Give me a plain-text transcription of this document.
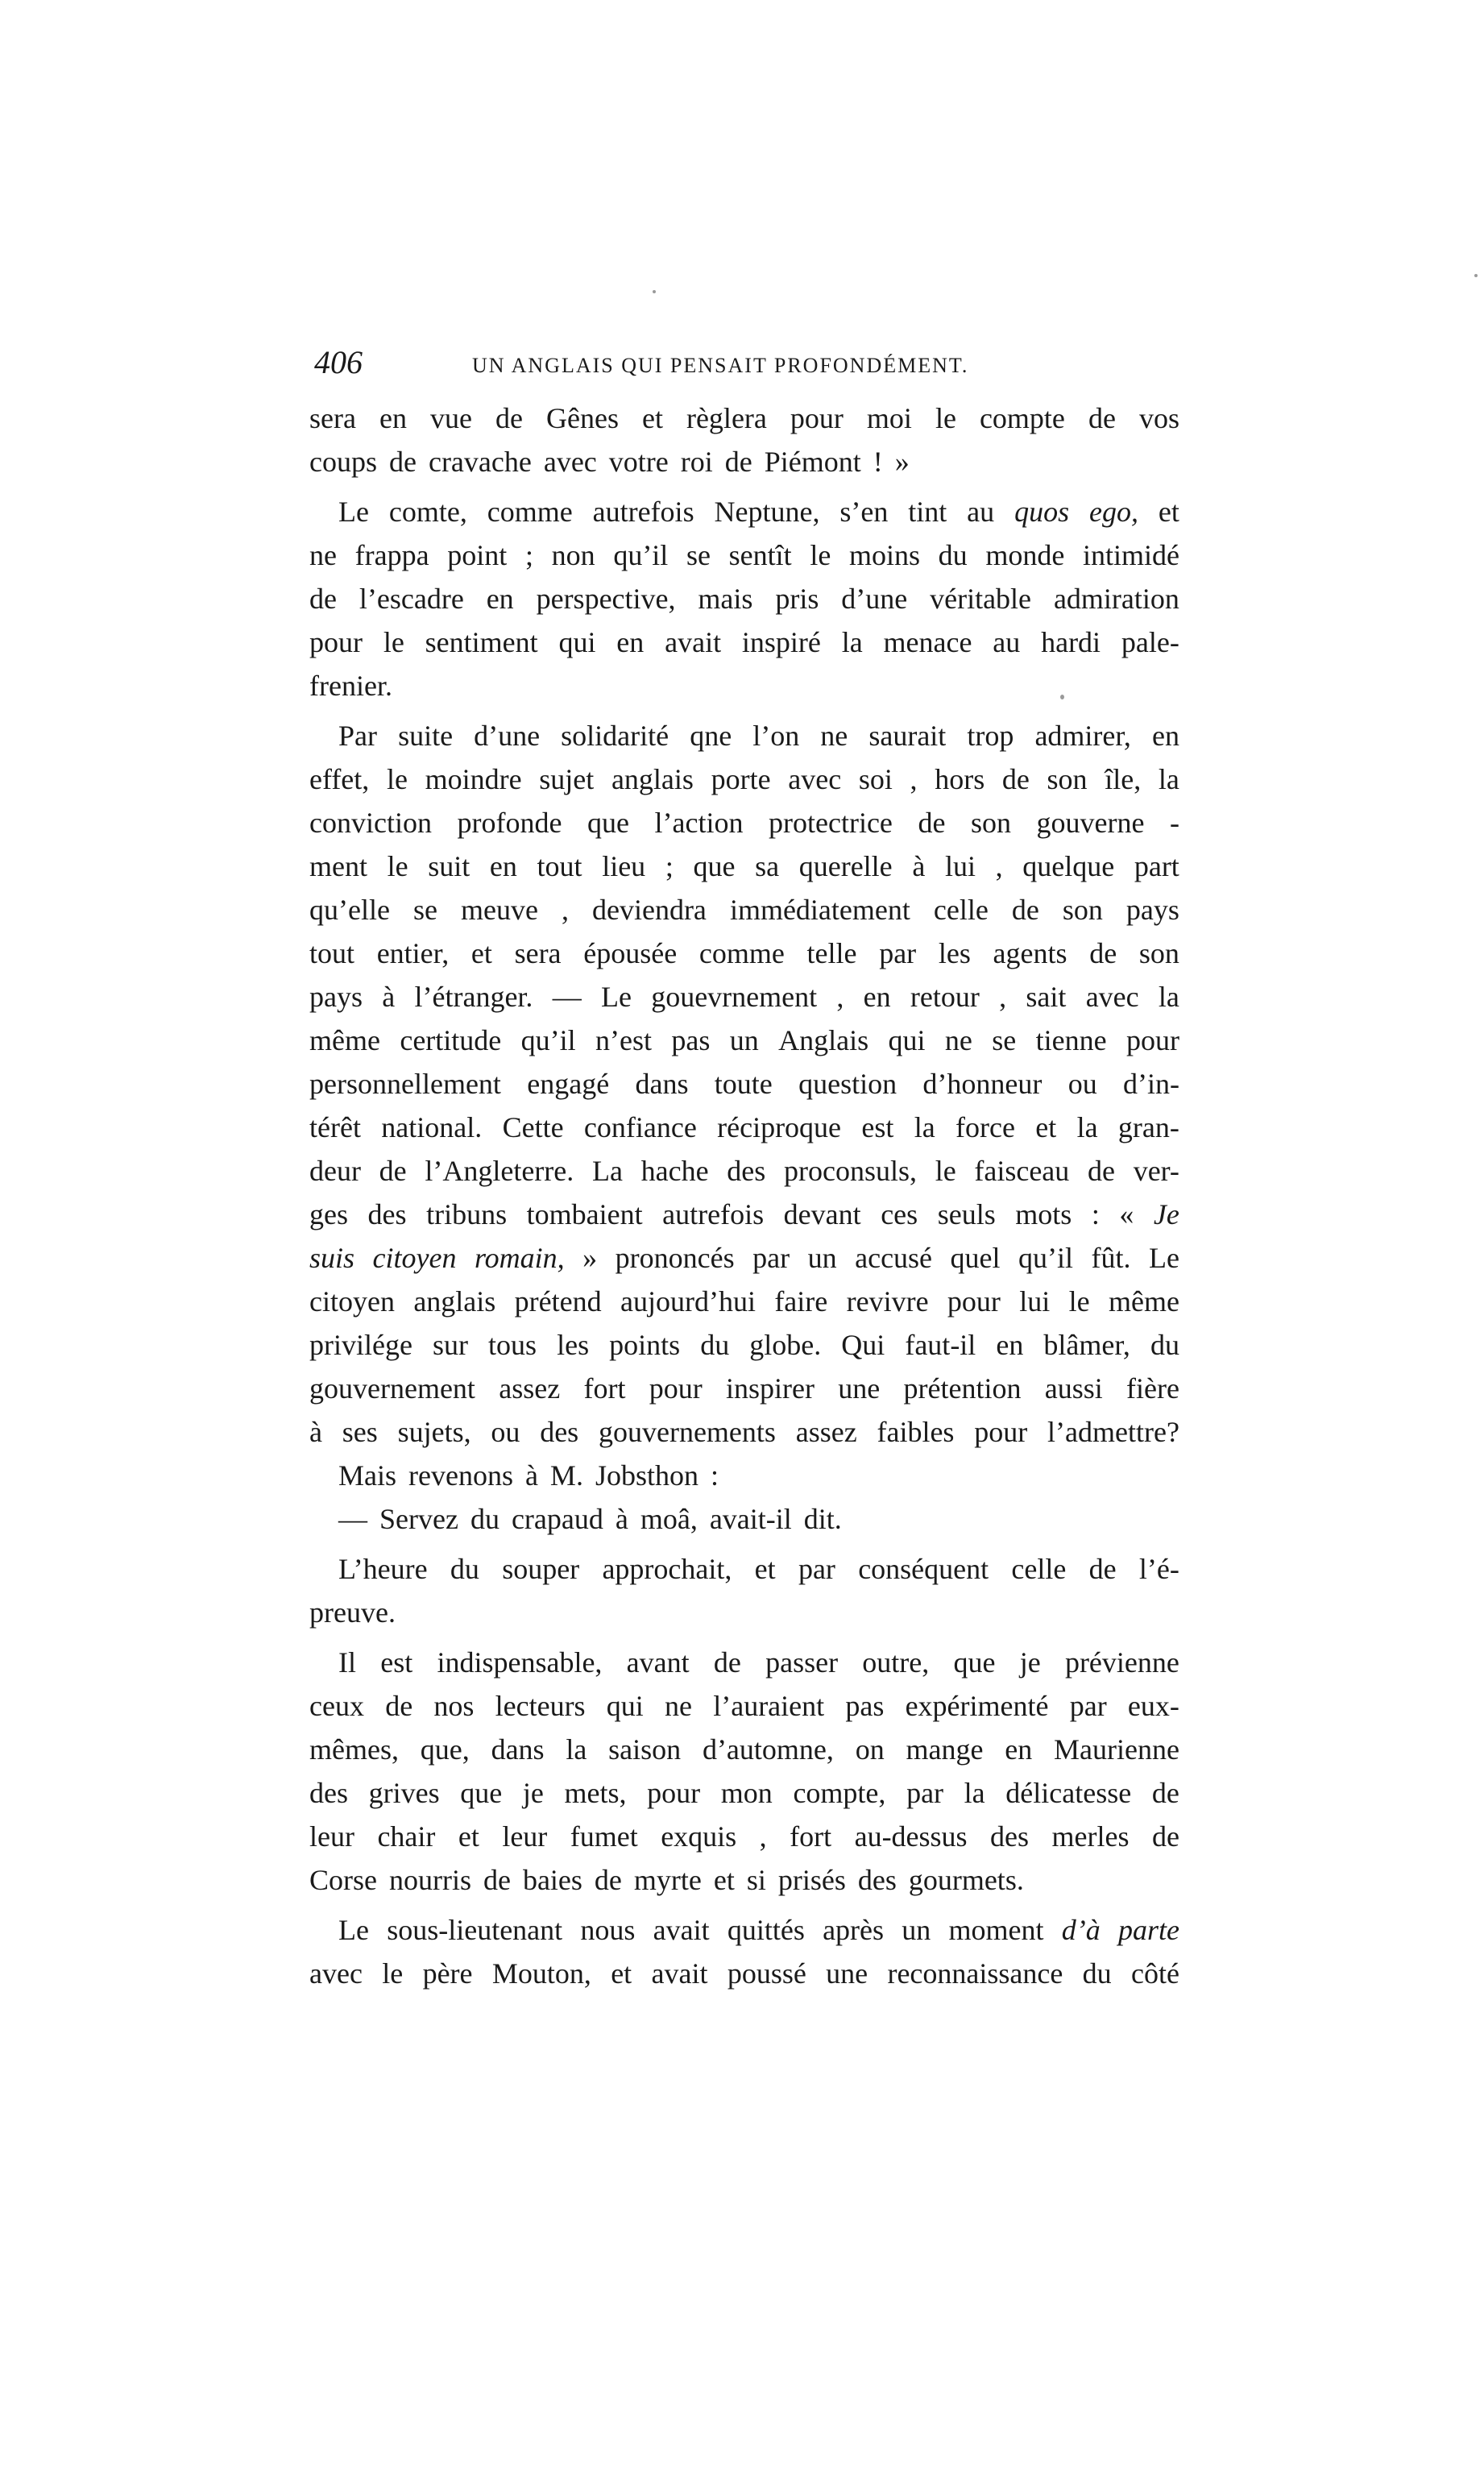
406	UN ANGLAIS QUI PENSAIT PROFONDÉMENT.
sera en vue de Gênes et règlera pour moi le compte de vos
coups de cravache avec votre roi de Piémont ! »
Le comte, comme autrefois Neptune, s’en tint au quos ego, et
ne frappa point ; non qu’il se sentît le moins du monde intimidé
de l’escadre en perspective, mais pris d’une véritable admiration
pour le sentiment qui en avait inspiré la menace au hardi pale-
frenier.
Par suite d’une solidarité qne l’on ne saurait trop admirer, en
effet, le moindre sujet anglais porte avec soi , hors de son île, la
conviction profonde que l’action protectrice de son gouverne -
ment le suit en tout lieu ; que sa querelle à lui , quelque part
qu’elle se meuve , deviendra immédiatement celle de son pays
tout entier, et sera épousée comme telle par les agents de son
pays à l’étranger. — Le gouevrnement , en retour , sait avec la
même certitude qu’il n’est pas un Anglais qui ne se tienne pour
personnellement engagé dans toute question d’honneur ou d’in-
térêt national. Cette confiance réciproque est la force et la gran-
deur de l’Angleterre. La hache des proconsuls, le faisceau de ver-
ges des tribuns tombaient autrefois devant ces seuls mots : « Je
suis citoyen romain, » prononcés par un accusé quel qu’il fût. Le
citoyen anglais prétend aujourd’hui faire revivre pour lui le même
privilége sur tous les points du globe. Qui faut-il en blâmer, du
gouvernement assez fort pour inspirer une prétention aussi fière
à ses sujets, ou des gouvernements assez faibles pour l’admettre?
Mais revenons à M. Jobsthon :
— Servez du crapaud à moâ, avait-il dit.
L’heure du souper approchait, et par conséquent celle de l’é-
preuve.
Il est indispensable, avant de passer outre, que je prévienne
ceux de nos lecteurs qui ne l’auraient pas expérimenté par eux-
mêmes, que, dans la saison d’automne, on mange en Maurienne
des grives que je mets, pour mon compte, par la délicatesse de
leur chair et leur fumet exquis , fort au-dessus des merles de
Corse nourris de baies de myrte et si prisés des gourmets.
Le sous-lieutenant nous avait quittés après un moment d’à parte
avec le père Mouton, et avait poussé une reconnaissance du côté
